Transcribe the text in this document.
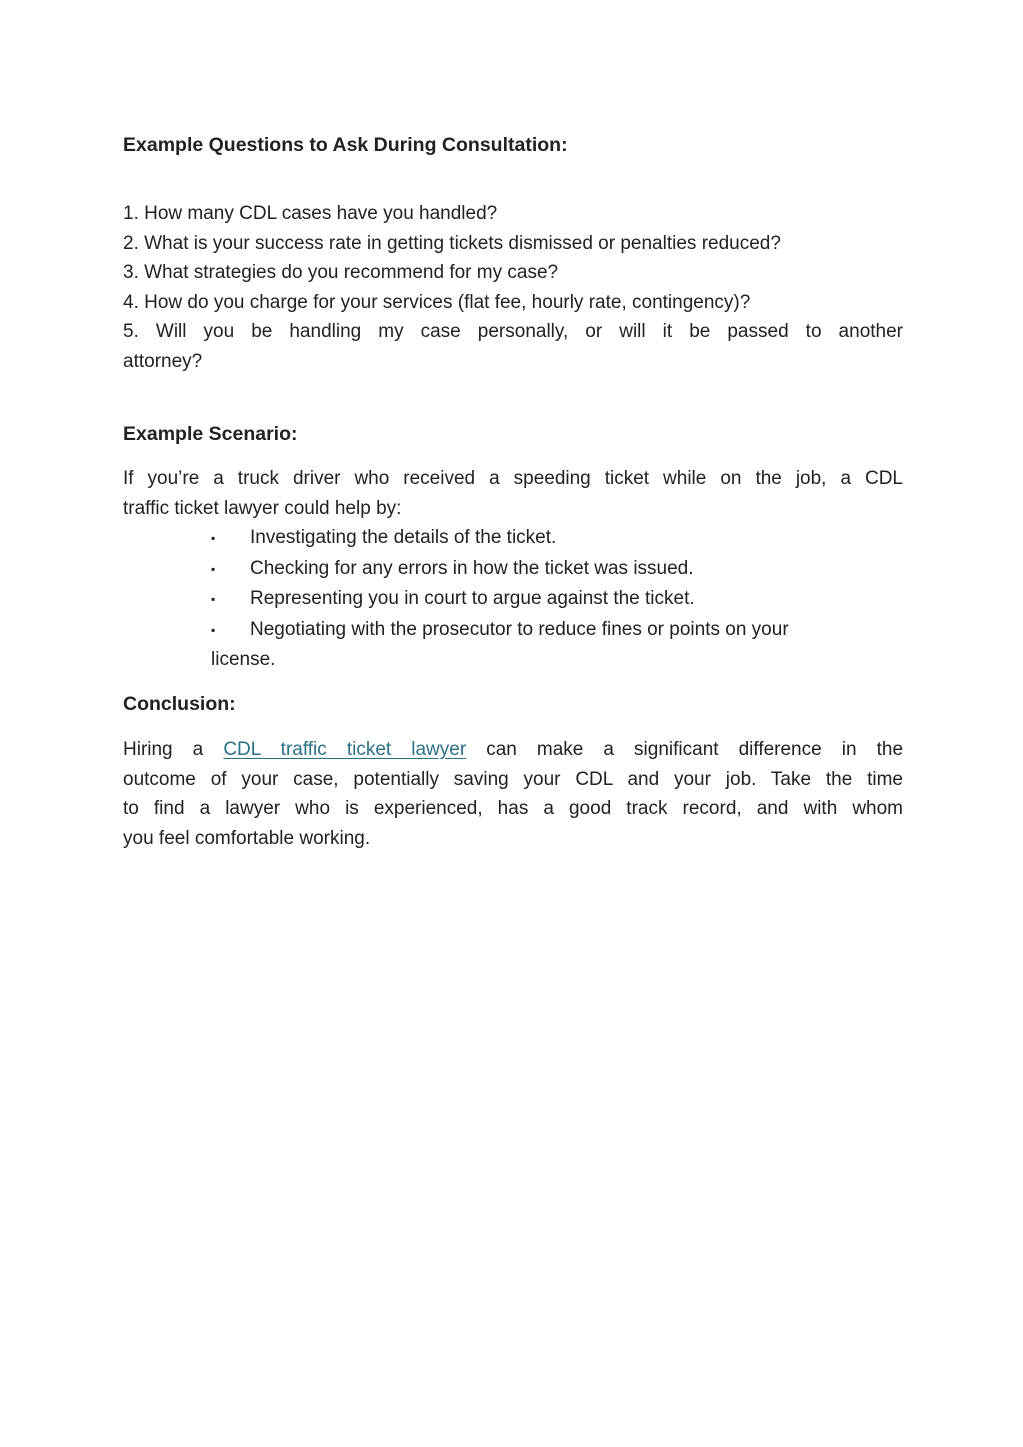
Example Questions to Ask During Consultation:
1. How many CDL cases have you handled?
2. What is your success rate in getting tickets dismissed or penalties reduced?
3. What strategies do you recommend for my case?
4. How do you charge for your services (flat fee, hourly rate, contingency)?
5. Will you be handling my case personally, or will it be passed to another
attorney?
Example Scenario:
If you’re a truck driver who received a speeding ticket while on the job, a CDL
traffic ticket lawyer could help by:
▪ Investigating the details of the ticket.
▪ Checking for any errors in how the ticket was issued.
▪ Representing you in court to argue against the ticket.
▪ Negotiating with the prosecutor to reduce fines or points on your
license.
Conclusion:
Hiring a CDL traffic ticket lawyer can make a significant difference in the
outcome of your case, potentially saving your CDL and your job. Take the time
to find a lawyer who is experienced, has a good track record, and with whom
you feel comfortable working.
